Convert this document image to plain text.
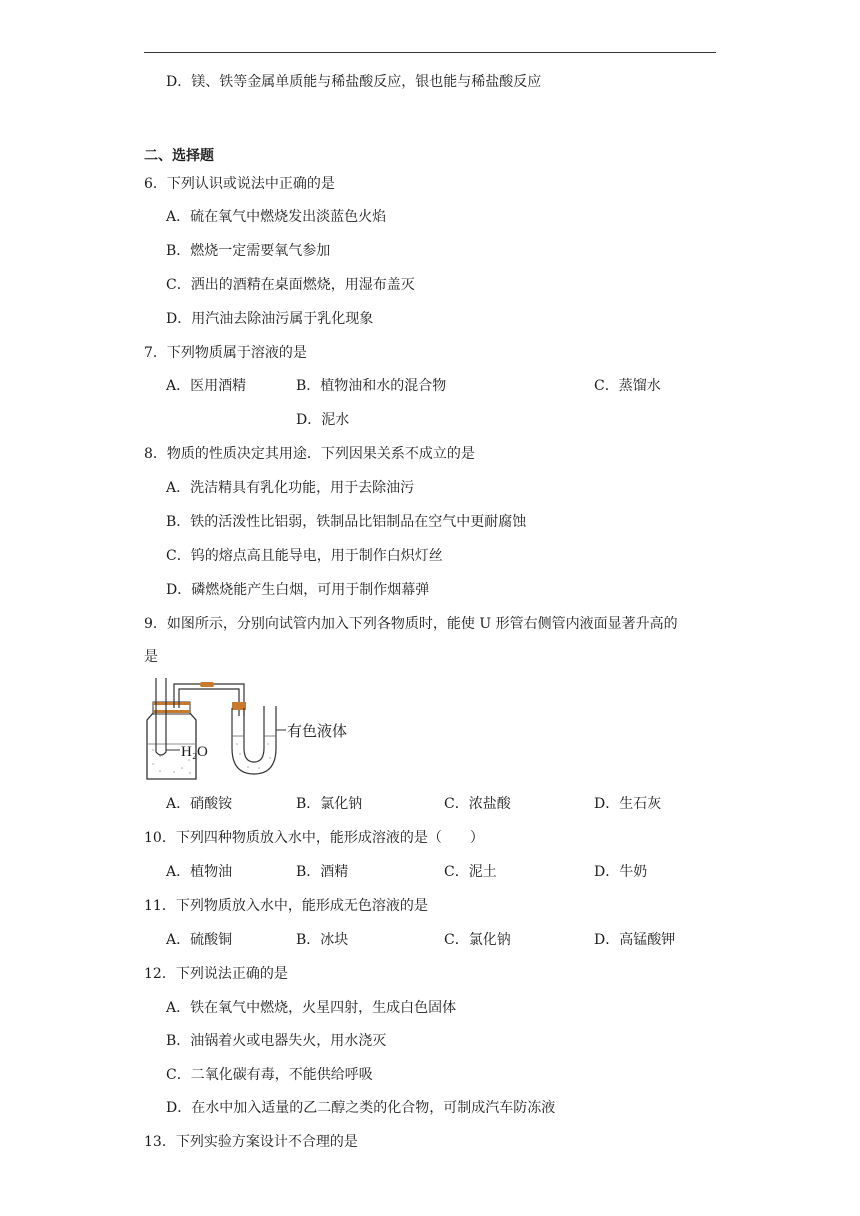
D．镁、铁等金属单质能与稀盐酸反应，银也能与稀盐酸反应
二、选择题
6．下列认识或说法中正确的是
A．硫在氧气中燃烧发出淡蓝色火焰
B．燃烧一定需要氧气参加
C．洒出的酒精在桌面燃烧，用湿布盖灭
D．用汽油去除油污属于乳化现象
7．下列物质属于溶液的是
A．医用酒精	B．植物油和水的混合物	C．蒸馏水
D．泥水
8．物质的性质决定其用途．下列因果关系不成立的是
A．洗洁精具有乳化功能，用于去除油污
B．铁的活泼性比铝弱，铁制品比铝制品在空气中更耐腐蚀
C．钨的熔点高且能导电，用于制作白炽灯丝
D．磷燃烧能产生白烟，可用于制作烟幕弹
9．如图所示，分别向试管内加入下列各物质时，能使 U 形管右侧管内液面显著升高的
是
H₂O
有色液体
A．硝酸铵	B．氯化钠	C．浓盐酸	D．生石灰
10．下列四种物质放入水中，能形成溶液的是（　　）
A．植物油	B．酒精	C．泥土	D．牛奶
11．下列物质放入水中，能形成无色溶液的是
A．硫酸铜	B．冰块	C．氯化钠	D．高锰酸钾
12．下列说法正确的是
A．铁在氧气中燃烧，火星四射，生成白色固体
B．油锅着火或电器失火，用水浇灭
C．二氧化碳有毒，不能供给呼吸
D．在水中加入适量的乙二醇之类的化合物，可制成汽车防冻液
13．下列实验方案设计不合理的是
